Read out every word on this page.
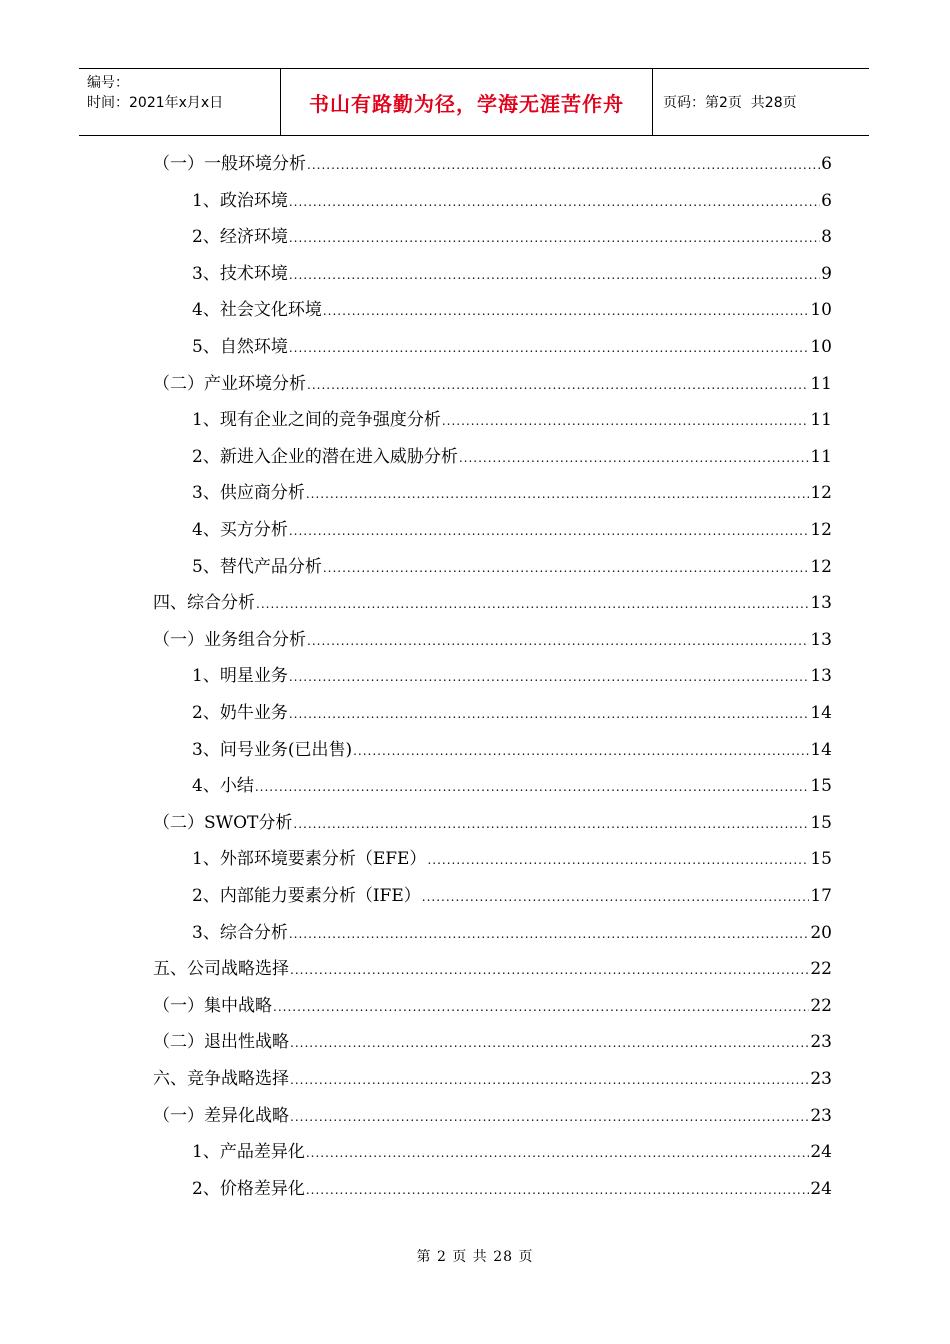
编号：
时间：2021年x月x日	书山有路勤为径，学海无涯苦作舟	页码：第2页  共28页
（一）一般环境分析 .....	6
1、政治环境 .....	6
2、经济环境 .....	8
3、技术环境 .....	9
4、社会文化环境 .....	10
5、自然环境 .....	10
（二）产业环境分析 .....	11
1、现有企业之间的竞争强度分析 .....	11
2、新进入企业的潜在进入威胁分析 .....	11
3、供应商分析 .....	12
4、买方分析 .....	12
5、替代产品分析 .....	12
四、综合分析 .....	13
（一）业务组合分析 .....	13
1、明星业务 .....	13
2、奶牛业务 .....	14
3、问号业务(已出售) .....	14
4、小结 .....	15
（二）SWOT分析 .....	15
1、外部环境要素分析（EFE） .....	15
2、内部能力要素分析（IFE） .....	17
3、综合分析 .....	20
五、公司战略选择 .....	22
（一）集中战略 .....	22
（二）退出性战略 .....	23
六、竞争战略选择 .....	23
（一）差异化战略 .....	23
1、产品差异化 .....	24
2、价格差异化 .....	24
第 2 页 共 28 页
